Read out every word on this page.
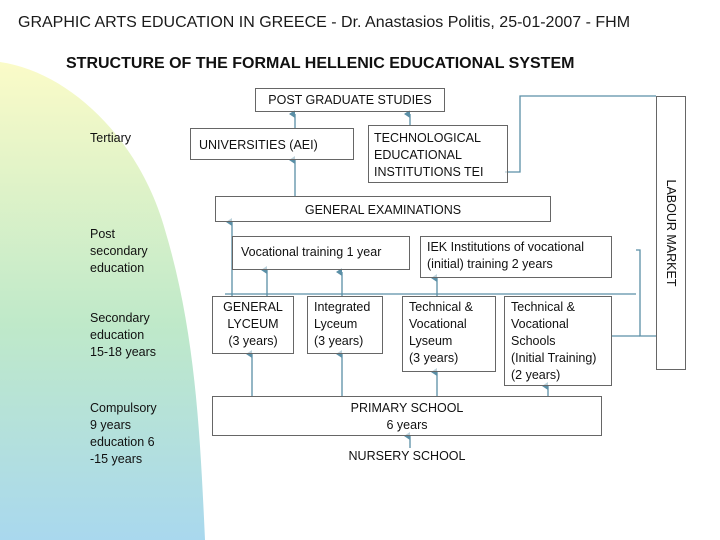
GRAPHIC ARTS EDUCATION IN GREECE - Dr. Anastasios Politis, 25-01-2007 - FHM
STRUCTURE OF THE FORMAL HELLENIC EDUCATIONAL SYSTEM
Tertiary
Post
secondary
education
Secondary
education
15-18 years
Compulsory
9 years
education 6
-15 years
POST GRADUATE STUDIES
UNIVERSITIES (AEI)	TECHNOLOGICAL
EDUCATIONAL
INSTITUTIONS TEI
GENERAL EXAMINATIONS
Vocational training 1 year	IEK Institutions of vocational
(initial) training 2 years
GENERAL
LYCEUM
(3 years)
Integrated
Lyceum
(3 years)
Technical &
Vocational
Lyseum
(3 years)
Technical &
Vocational
Schools
(Initial Training)
(2 years)
PRIMARY SCHOOL
6 years
NURSERY SCHOOL
LABOUR MARKET
